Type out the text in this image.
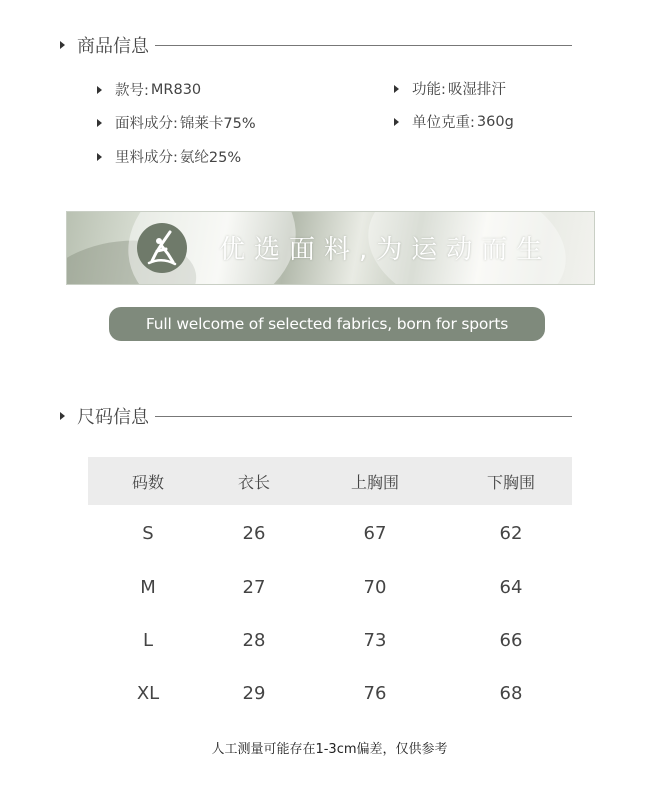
商品信息
款号: MR830
面料成分: 锦莱卡75%
里料成分: 氨纶25%
功能: 吸湿排汗
单位克重: 360g
优选面料,为运动而生
Full welcome of selected fabrics, born for sports
尺码信息
码数	衣长	上胸围	下胸围
S	26	67	62
M	27	70	64
L	28	73	66
XL	29	76	68
人工测量可能存在1-3cm偏差，仅供参考
